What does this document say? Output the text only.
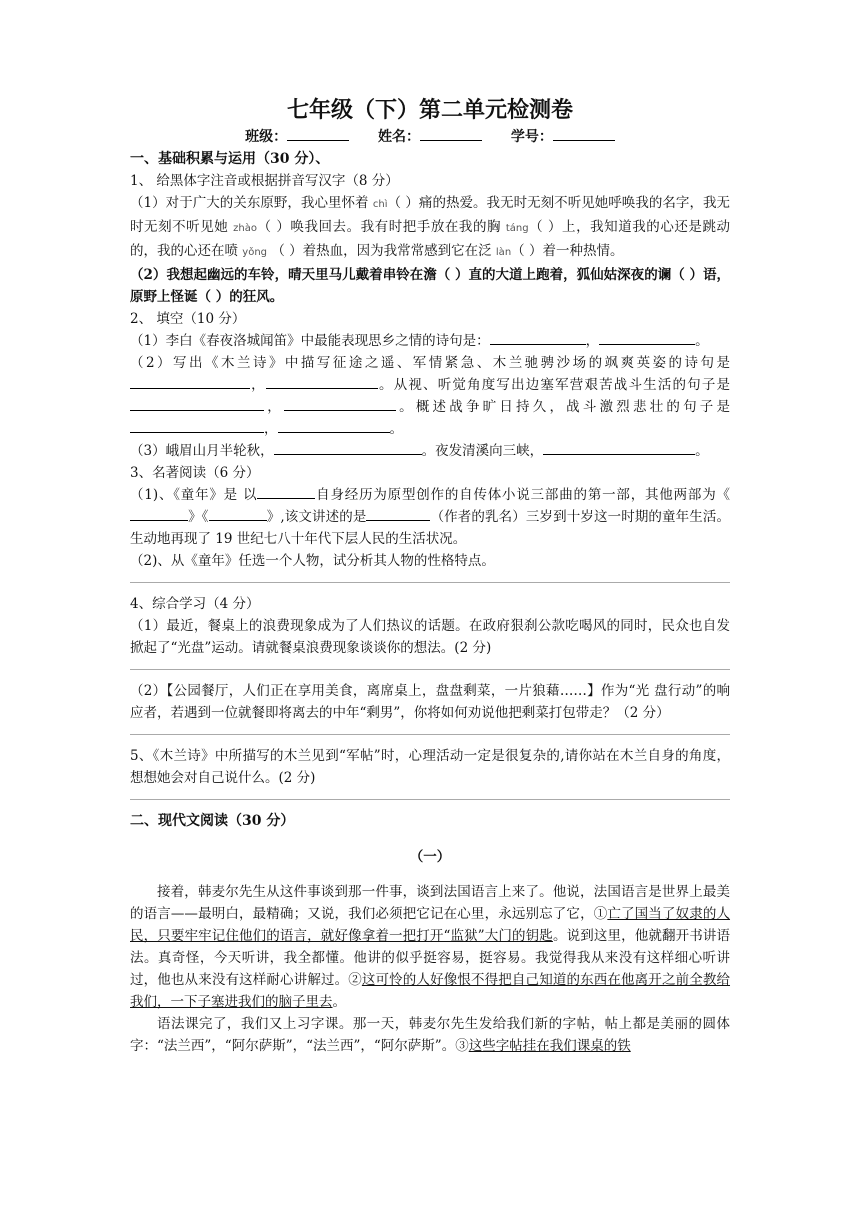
七年级（下）第二单元检测卷
班级：	姓名：	学号：

一、基础积累与运用（30 分）、

1、 给黑体字注音或根据拼音写汉字（8 分）

（1）对于广大的关东原野，我心里怀着 chì（ ）痛的热爱。我无时无刻不听见她呼唤我的名字，我无时无刻不听见她 zhào（ ）唤我回去。我有时把手放在我的胸 táng（ ）上，我知道我的心还是跳动的，我的心还在喷 yǒng （ ）着热血，因为我常常感到它在泛 làn（ ）着一种热情。

（2）我想起幽远的车铃，晴天里马儿戴着串铃在澹（ ）直的大道上跑着，狐仙姑深夜的谰（ ）语，原野上怪诞（ ）的狂风。

2、 填空（10 分）

（1）李白《春夜洛城闻笛》中最能表现思乡之情的诗句是：	，	。

（2）写出《木兰诗》中描写征途之遥、军情紧急、木兰驰骋沙场的飒爽英姿的诗句是，	。从视、听觉角度写出边塞军营艰苦战斗生活的句子是，	。概述战争旷日持久，战斗激烈悲壮的句子是，	。

（3）峨眉山月半轮秋，	。夜发清溪向三峡，	。

3、名著阅读（6 分）

（1)、《童年》是 以	自身经历为原型创作的自传体小说三部曲的第一部，其他两部为《》《	》,该文讲述的是	（作者的乳名）三岁到十岁这一时期的童年生活。生动地再现了 19 世纪七八十年代下层人民的生活状况。

（2)、从《童年》任选一个人物，试分析其人物的性格特点。

4、综合学习（4 分）

（1）最近，餐桌上的浪费现象成为了人们热议的话题。在政府狠刹公款吃喝风的同时，民众也自发掀起了“光盘”运动。请就餐桌浪费现象谈谈你的想法。(2 分)

（2）【公园餐厅，人们正在享用美食，离席桌上，盘盘剩菜，一片狼藉……】作为“光 盘行动”的响应者，若遇到一位就餐即将离去的中年“剩男”，你将如何劝说他把剩菜打包带走？（2 分）

5、《木兰诗》中所描写的木兰见到“军帖”时，心理活动一定是很复杂的,请你站在木兰自身的角度，想想她会对自己说什么。(2 分)

二、现代文阅读（30 分）

（一）

接着，韩麦尔先生从这件事谈到那一件事，谈到法国语言上来了。他说，法国语言是世界上最美的语言——最明白，最精确；又说，我们必须把它记在心里，永远别忘了它，①亡了国当了奴隶的人民，只要牢牢记住他们的语言，就好像拿着一把打开“监狱”大门的钥匙。说到这里，他就翻开书讲语法。真奇怪，今天听讲，我全都懂。他讲的似乎挺容易，挺容易。我觉得我从来没有这样细心听讲过，他也从来没有这样耐心讲解过。②这可怜的人好像恨不得把自己知道的东西在他离开之前全教给我们，一下子塞进我们的脑子里去。

语法课完了，我们又上习字课。那一天，韩麦尔先生发给我们新的字帖，帖上都是美丽的圆体字：“法兰西”，“阿尔萨斯”，“法兰西”，“阿尔萨斯”。③这些字帖挂在我们课桌的铁
